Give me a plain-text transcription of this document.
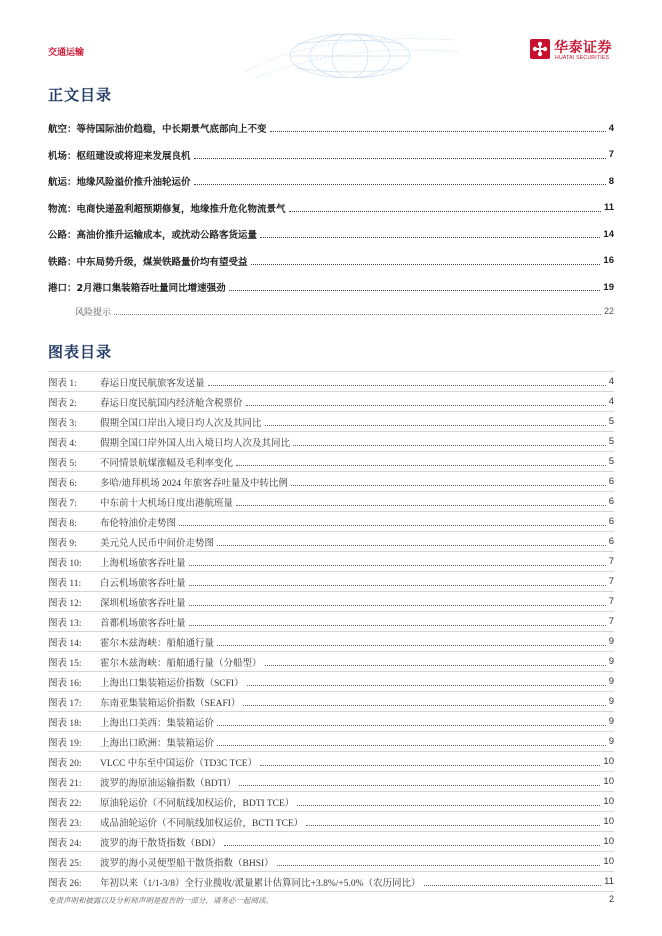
交通运输	华泰证券
HUATAI SECURITIES
正文目录
航空：等待国际油价趋稳，中长期景气底部向上不变	4
机场：枢纽建设或将迎来发展良机	7
航运：地缘风险溢价推升油轮运价	8
物流：电商快递盈利超预期修复，地缘推升危化物流景气	11
公路：高油价推升运输成本，或扰动公路客货运量	14
铁路：中东局势升级，煤炭铁路量价均有望受益	16
港口：2月港口集装箱吞吐量同比增速强劲	19
风险提示	22
图表目录
图表 1:	春运日度民航旅客发送量	4
图表 2:	春运日度民航国内经济舱含税票价	4
图表 3:	假期全国口岸出入境日均人次及其同比	5
图表 4:	假期全国口岸外国人出入境日均人次及其同比	5
图表 5:	不同情景航煤涨幅及毛利率变化	5
图表 6:	多哈/迪拜机场 2024 年旅客吞吐量及中转比例	6
图表 7:	中东前十大机场日度出港航班量	6
图表 8:	布伦特油价走势图	6
图表 9:	美元兑人民币中间价走势图	6
图表 10:	上海机场旅客吞吐量	7
图表 11:	白云机场旅客吞吐量	7
图表 12:	深圳机场旅客吞吐量	7
图表 13:	首都机场旅客吞吐量	7
图表 14:	霍尔木兹海峡：船舶通行量	9
图表 15:	霍尔木兹海峡：船舶通行量（分船型）	9
图表 16:	上海出口集装箱运价指数（SCFI）	9
图表 17:	东南亚集装箱运价指数（SEAFI）	9
图表 18:	上海出口美西：集装箱运价	9
图表 19:	上海出口欧洲：集装箱运价	9
图表 20:	VLCC 中东至中国运价（TD3C TCE）	10
图表 21:	波罗的海原油运输指数（BDTI）	10
图表 22:	原油轮运价（不同航线加权运价，BDTI TCE）	10
图表 23:	成品油轮运价（不同航线加权运价，BCTI TCE）	10
图表 24:	波罗的海干散货指数（BDI）	10
图表 25:	波罗的海小灵便型船干散货指数（BHSI）	10
图表 26:	年初以来（1/1-3/8）全行业揽收/派量累计估算同比+3.8%/+5.0%（农历同比）	11
免责声明和披露以及分析师声明是报告的一部分，请务必一起阅读。	2
